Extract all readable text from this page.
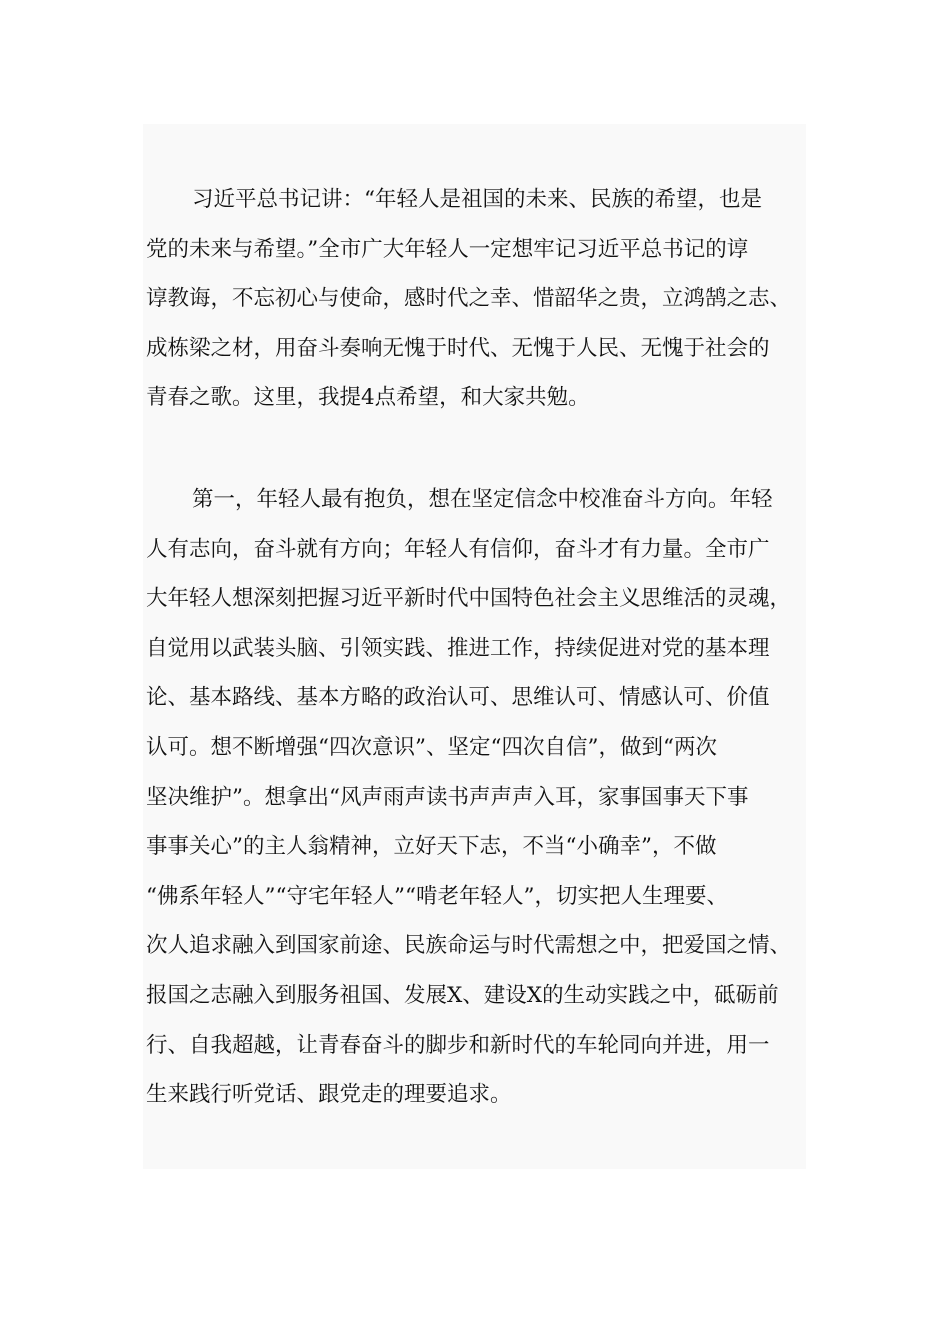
习近平总书记讲：“年轻人是祖国的未来、民族的希望，也是
党的未来与希望。”全市广大年轻人一定想牢记习近平总书记的谆
谆教诲，不忘初心与使命，感时代之幸、惜韶华之贵，立鸿鹄之志、
成栋梁之材，用奋斗奏响无愧于时代、无愧于人民、无愧于社会的
青春之歌。这里，我提4点希望，和大家共勉。
第一，年轻人最有抱负，想在坚定信念中校准奋斗方向。年轻
人有志向，奋斗就有方向；年轻人有信仰，奋斗才有力量。全市广
大年轻人想深刻把握习近平新时代中国特色社会主义思维活的灵魂，
自觉用以武装头脑、引领实践、推进工作，持续促进对党的基本理
论、基本路线、基本方略的政治认可、思维认可、情感认可、价值
认可。想不断增强“四次意识”、坚定“四次自信”，做到“两次
坚决维护”。想拿出“风声雨声读书声声声入耳，家事国事天下事
事事关心”的主人翁精神，立好天下志，不当“小确幸”，不做
“佛系年轻人”“守宅年轻人”“啃老年轻人”，切实把人生理要、
次人追求融入到国家前途、民族命运与时代需想之中，把爱国之情、
报国之志融入到服务祖国、发展X、建设X的生动实践之中，砥砺前
行、自我超越，让青春奋斗的脚步和新时代的车轮同向并进，用一
生来践行听党话、跟党走的理要追求。
